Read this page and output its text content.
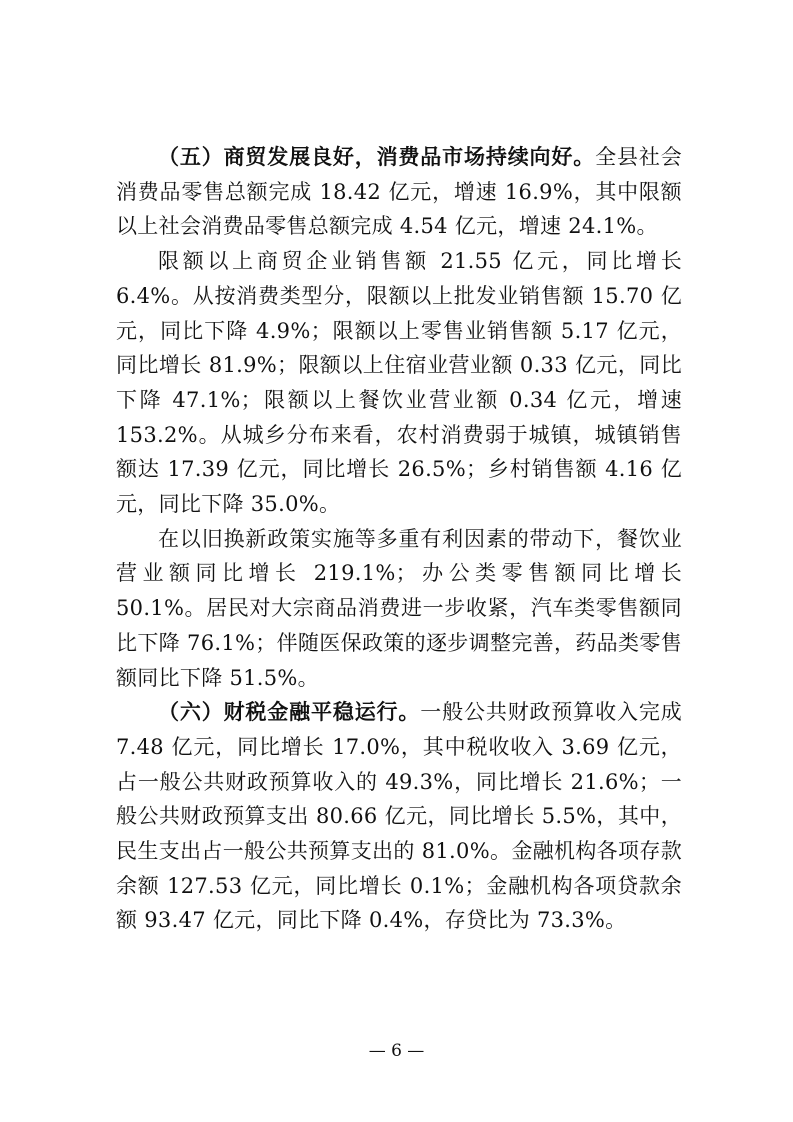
（五）商贸发展良好，消费品市场持续向好。全县社会消费品零售总额完成 18.42 亿元，增速 16.9%，其中限额以上社会消费品零售总额完成 4.54 亿元，增速 24.1%。

限额以上商贸企业销售额 21.55 亿元，同比增长 6.4%。从按消费类型分，限额以上批发业销售额 15.70 亿元，同比下降 4.9%；限额以上零售业销售额 5.17 亿元，同比增长 81.9%；限额以上住宿业营业额 0.33 亿元，同比下降 47.1%；限额以上餐饮业营业额 0.34 亿元，增速 153.2%。从城乡分布来看，农村消费弱于城镇，城镇销售额达 17.39 亿元，同比增长 26.5%；乡村销售额 4.16 亿元，同比下降 35.0%。

在以旧换新政策实施等多重有利因素的带动下，餐饮业营业额同比增长 219.1%；办公类零售额同比增长 50.1%。居民对大宗商品消费进一步收紧，汽车类零售额同比下降 76.1%；伴随医保政策的逐步调整完善，药品类零售额同比下降 51.5%。

（六）财税金融平稳运行。一般公共财政预算收入完成 7.48 亿元，同比增长 17.0%，其中税收收入 3.69 亿元，占一般公共财政预算收入的 49.3%，同比增长 21.6%；一般公共财政预算支出 80.66 亿元，同比增长 5.5%，其中，民生支出占一般公共预算支出的 81.0%。金融机构各项存款余额 127.53 亿元，同比增长 0.1%；金融机构各项贷款余额 93.47 亿元，同比下降 0.4%，存贷比为 73.3%。

— 6 —
